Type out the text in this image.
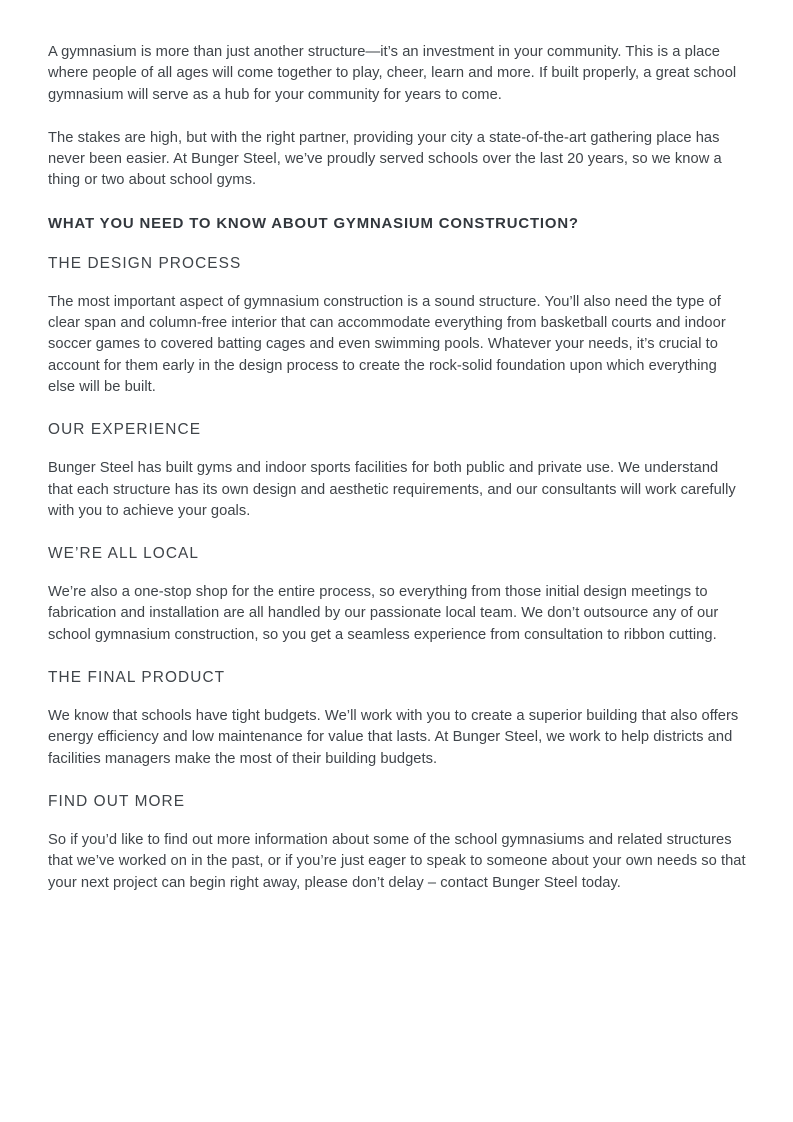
A gymnasium is more than just another structure—it’s an investment in your community. This is a place where people of all ages will come together to play, cheer, learn and more. If built properly, a great school gymnasium will serve as a hub for your community for years to come.

The stakes are high, but with the right partner, providing your city a state-of-the-art gathering place has never been easier. At Bunger Steel, we’ve proudly served schools over the last 20 years, so we know a thing or two about school gyms.

WHAT YOU NEED TO KNOW ABOUT GYMNASIUM CONSTRUCTION?
THE DESIGN PROCESS

The most important aspect of gymnasium construction is a sound structure. You’ll also need the type of clear span and column-free interior that can accommodate everything from basketball courts and indoor soccer games to covered batting cages and even swimming pools. Whatever your needs, it’s crucial to account for them early in the design process to create the rock-solid foundation upon which everything else will be built.

OUR EXPERIENCE

Bunger Steel has built gyms and indoor sports facilities for both public and private use. We understand that each structure has its own design and aesthetic requirements, and our consultants will work carefully with you to achieve your goals.

WE’RE ALL LOCAL

We’re also a one-stop shop for the entire process, so everything from those initial design meetings to fabrication and installation are all handled by our passionate local team. We don’t outsource any of our school gymnasium construction, so you get a seamless experience from consultation to ribbon cutting.

THE FINAL PRODUCT

We know that schools have tight budgets. We’ll work with you to create a superior building that also offers energy efficiency and low maintenance for value that lasts. At Bunger Steel, we work to help districts and facilities managers make the most of their building budgets.

FIND OUT MORE

So if you’d like to find out more information about some of the school gymnasiums and related structures that we’ve worked on in the past, or if you’re just eager to speak to someone about your own needs so that your next project can begin right away, please don’t delay – contact Bunger Steel today.
